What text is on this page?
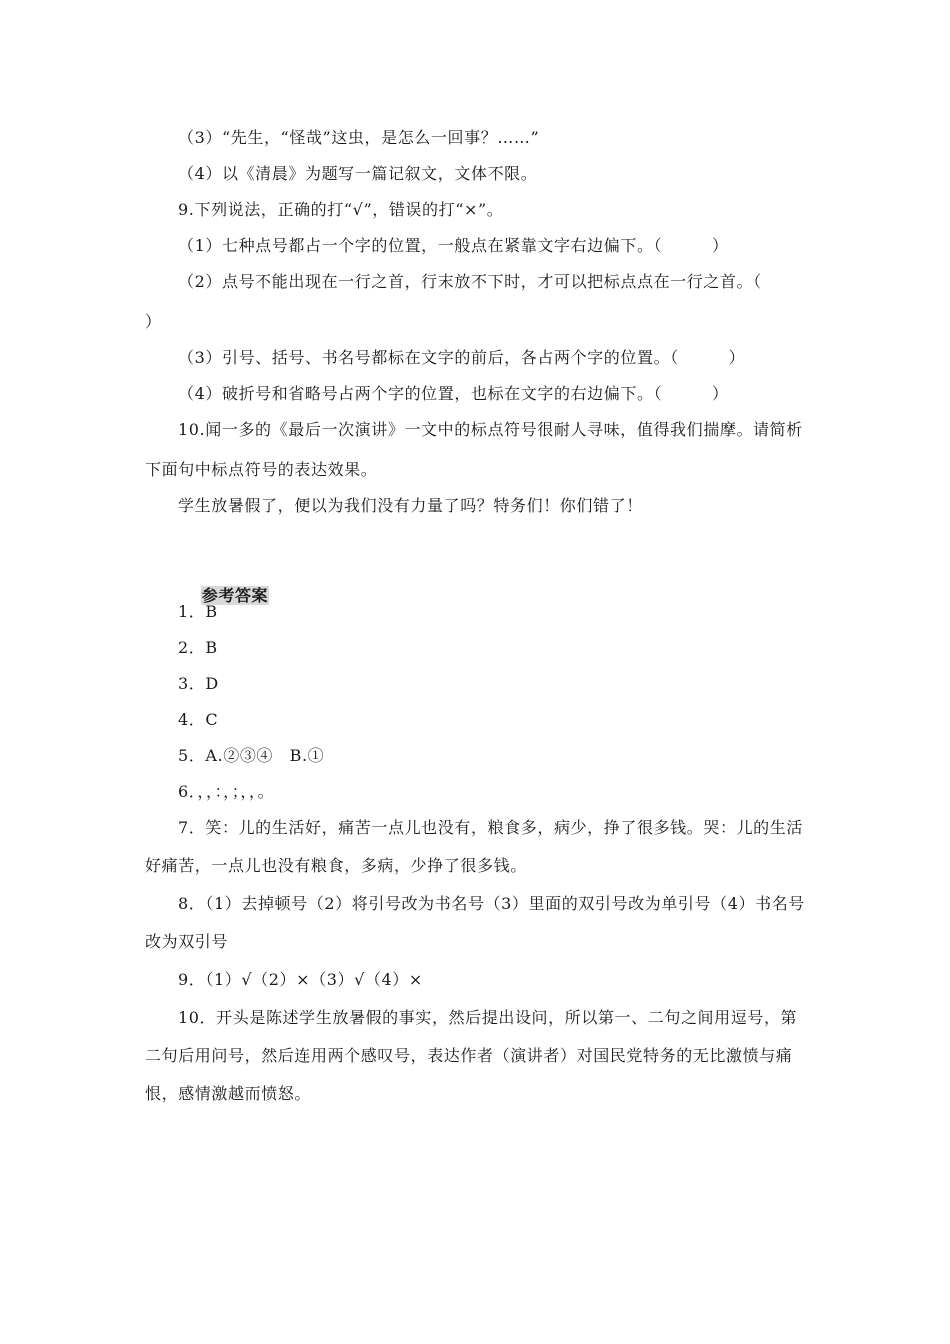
（3）“先生，“怪哉”这虫，是怎么一回事？……”
（4）以《清晨》为题写一篇记叙文，文体不限。
9.下列说法，正确的打“√”，错误的打“×”。
（1）七种点号都占一个字的位置，一般点在紧靠文字右边偏下。（　　　）
（2）点号不能出现在一行之首，行末放不下时，才可以把标点点在一行之首。（
）
（3）引号、括号、书名号都标在文字的前后，各占两个字的位置。（　　　）
（4）破折号和省略号占两个字的位置，也标在文字的右边偏下。（　　　）
10.闻一多的《最后一次演讲》一文中的标点符号很耐人寻味，值得我们揣摩。请简析
下面句中标点符号的表达效果。
学生放暑假了，便以为我们没有力量了吗？特务们！你们错了！

参考答案

1．B
2．B
3．D
4．C
5．A.②③④　B.①
6．，，：，；，，。
7．笑：儿的生活好，痛苦一点儿也没有，粮食多，病少，挣了很多钱。哭：儿的生活
好痛苦，一点儿也没有粮食，多病，少挣了很多钱。
8．（1）去掉顿号（2）将引号改为书名号（3）里面的双引号改为单引号（4）书名号
改为双引号
9．（1）√（2）×（3）√（4）×
10．开头是陈述学生放暑假的事实，然后提出设问，所以第一、二句之间用逗号，第
二句后用问号，然后连用两个感叹号，表达作者（演讲者）对国民党特务的无比激愤与痛
恨，感情激越而愤怒。
